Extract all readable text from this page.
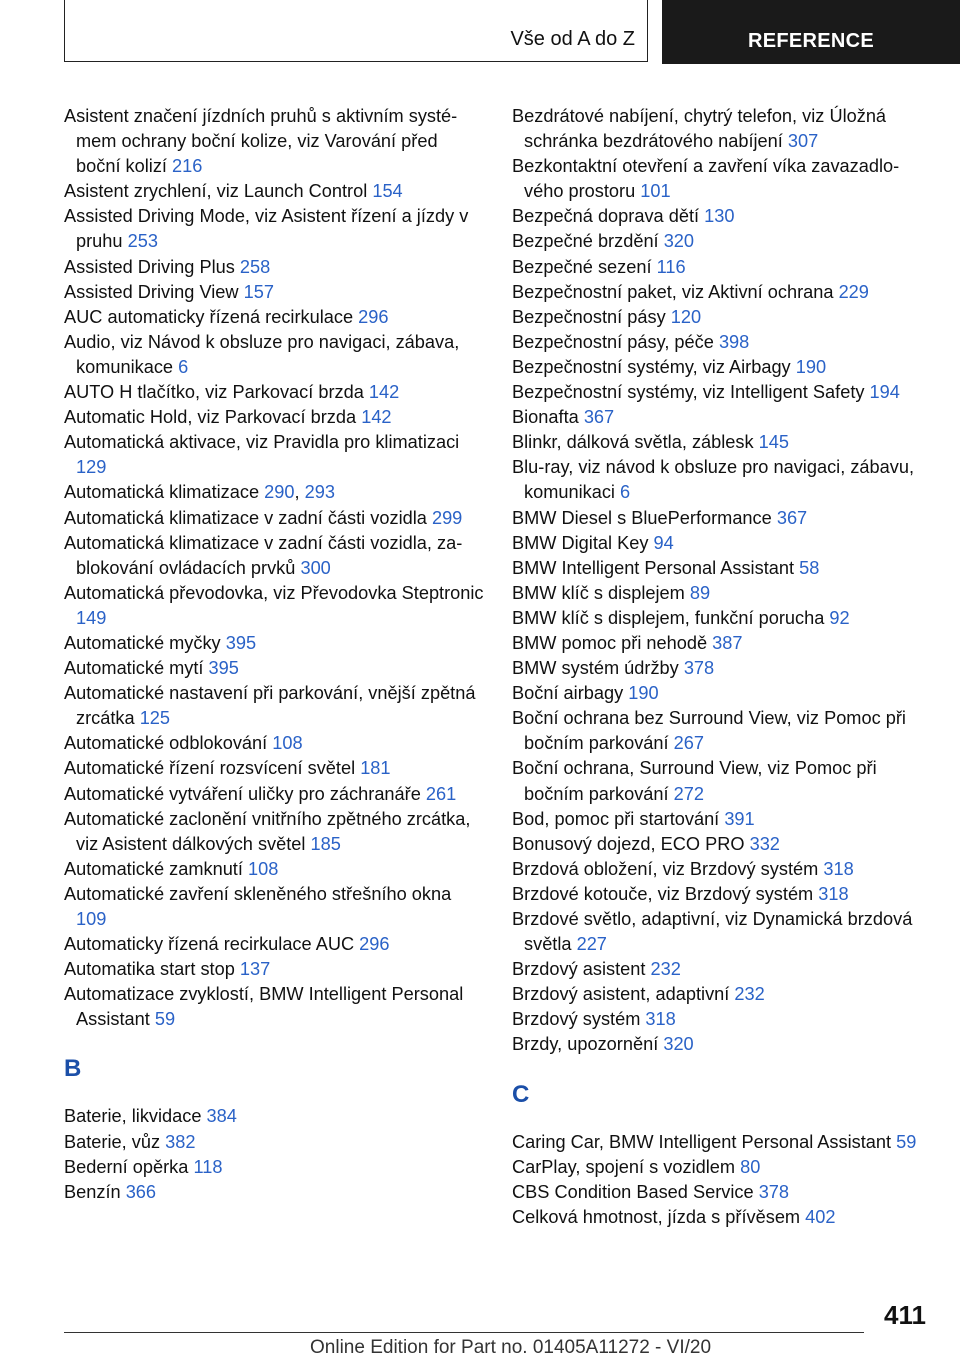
Vše od A do Z	REFERENCE
Asistent značení jízdních pruhů s aktivním systémem ochrany boční kolize, viz Varování před boční kolizí 216
Asistent zrychlení, viz Launch Control 154
Assisted Driving Mode, viz Asistent řízení a jízdy v pruhu 253
Assisted Driving Plus 258
Assisted Driving View 157
AUC automaticky řízená recirkulace 296
Audio, viz Návod k obsluze pro navigaci, zábava, komunikace 6
AUTO H tlačítko, viz Parkovací brzda 142
Automatic Hold, viz Parkovací brzda 142
Automatická aktivace, viz Pravidla pro klimatizaci 129
Automatická klimatizace 290, 293
Automatická klimatizace v zadní části vozidla 299
Automatická klimatizace v zadní části vozidla, zablokování ovládacích prvků 300
Automatická převodovka, viz Převodovka Steptronic 149
Automatické myčky 395
Automatické mytí 395
Automatické nastavení při parkování, vnější zpětná zrcátka 125
Automatické odblokování 108
Automatické řízení rozsvícení světel 181
Automatické vytváření uličky pro záchranáře 261
Automatické zaclonění vnitřního zpětného zrcátka, viz Asistent dálkových světel 185
Automatické zamknutí 108
Automatické zavření skleněného střešního okna 109
Automaticky řízená recirkulace AUC 296
Automatika start stop 137
Automatizace zvyklostí, BMW Intelligent Personal Assistant 59
B
Baterie, likvidace 384
Baterie, vůz 382
Bederní opěrka 118
Benzín 366
Bezdrátové nabíjení, chytrý telefon, viz Úložná schránka bezdrátového nabíjení 307
Bezkontaktní otevření a zavření víka zavazadlového prostoru 101
Bezpečná doprava dětí 130
Bezpečné brzdění 320
Bezpečné sezení 116
Bezpečnostní paket, viz Aktivní ochrana 229
Bezpečnostní pásy 120
Bezpečnostní pásy, péče 398
Bezpečnostní systémy, viz Airbagy 190
Bezpečnostní systémy, viz Intelligent Safety 194
Bionafta 367
Blinkr, dálková světla, záblesk 145
Blu-ray, viz návod k obsluze pro navigaci, zábavu, komunikaci 6
BMW Diesel s BluePerformance 367
BMW Digital Key 94
BMW Intelligent Personal Assistant 58
BMW klíč s displejem 89
BMW klíč s displejem, funkční porucha 92
BMW pomoc při nehodě 387
BMW systém údržby 378
Boční airbagy 190
Boční ochrana bez Surround View, viz Pomoc při bočním parkování 267
Boční ochrana, Surround View, viz Pomoc při bočním parkování 272
Bod, pomoc při startování 391
Bonusový dojezd, ECO PRO 332
Brzdová obložení, viz Brzdový systém 318
Brzdové kotouče, viz Brzdový systém 318
Brzdové světlo, adaptivní, viz Dynamická brzdová světla 227
Brzdový asistent 232
Brzdový asistent, adaptivní 232
Brzdový systém 318
Brzdy, upozornění 320
C
Caring Car, BMW Intelligent Personal Assistant 59
CarPlay, spojení s vozidlem 80
CBS Condition Based Service 378
Celková hmotnost, jízda s přívěsem 402
411
Online Edition for Part no. 01405A11272 - VI/20
